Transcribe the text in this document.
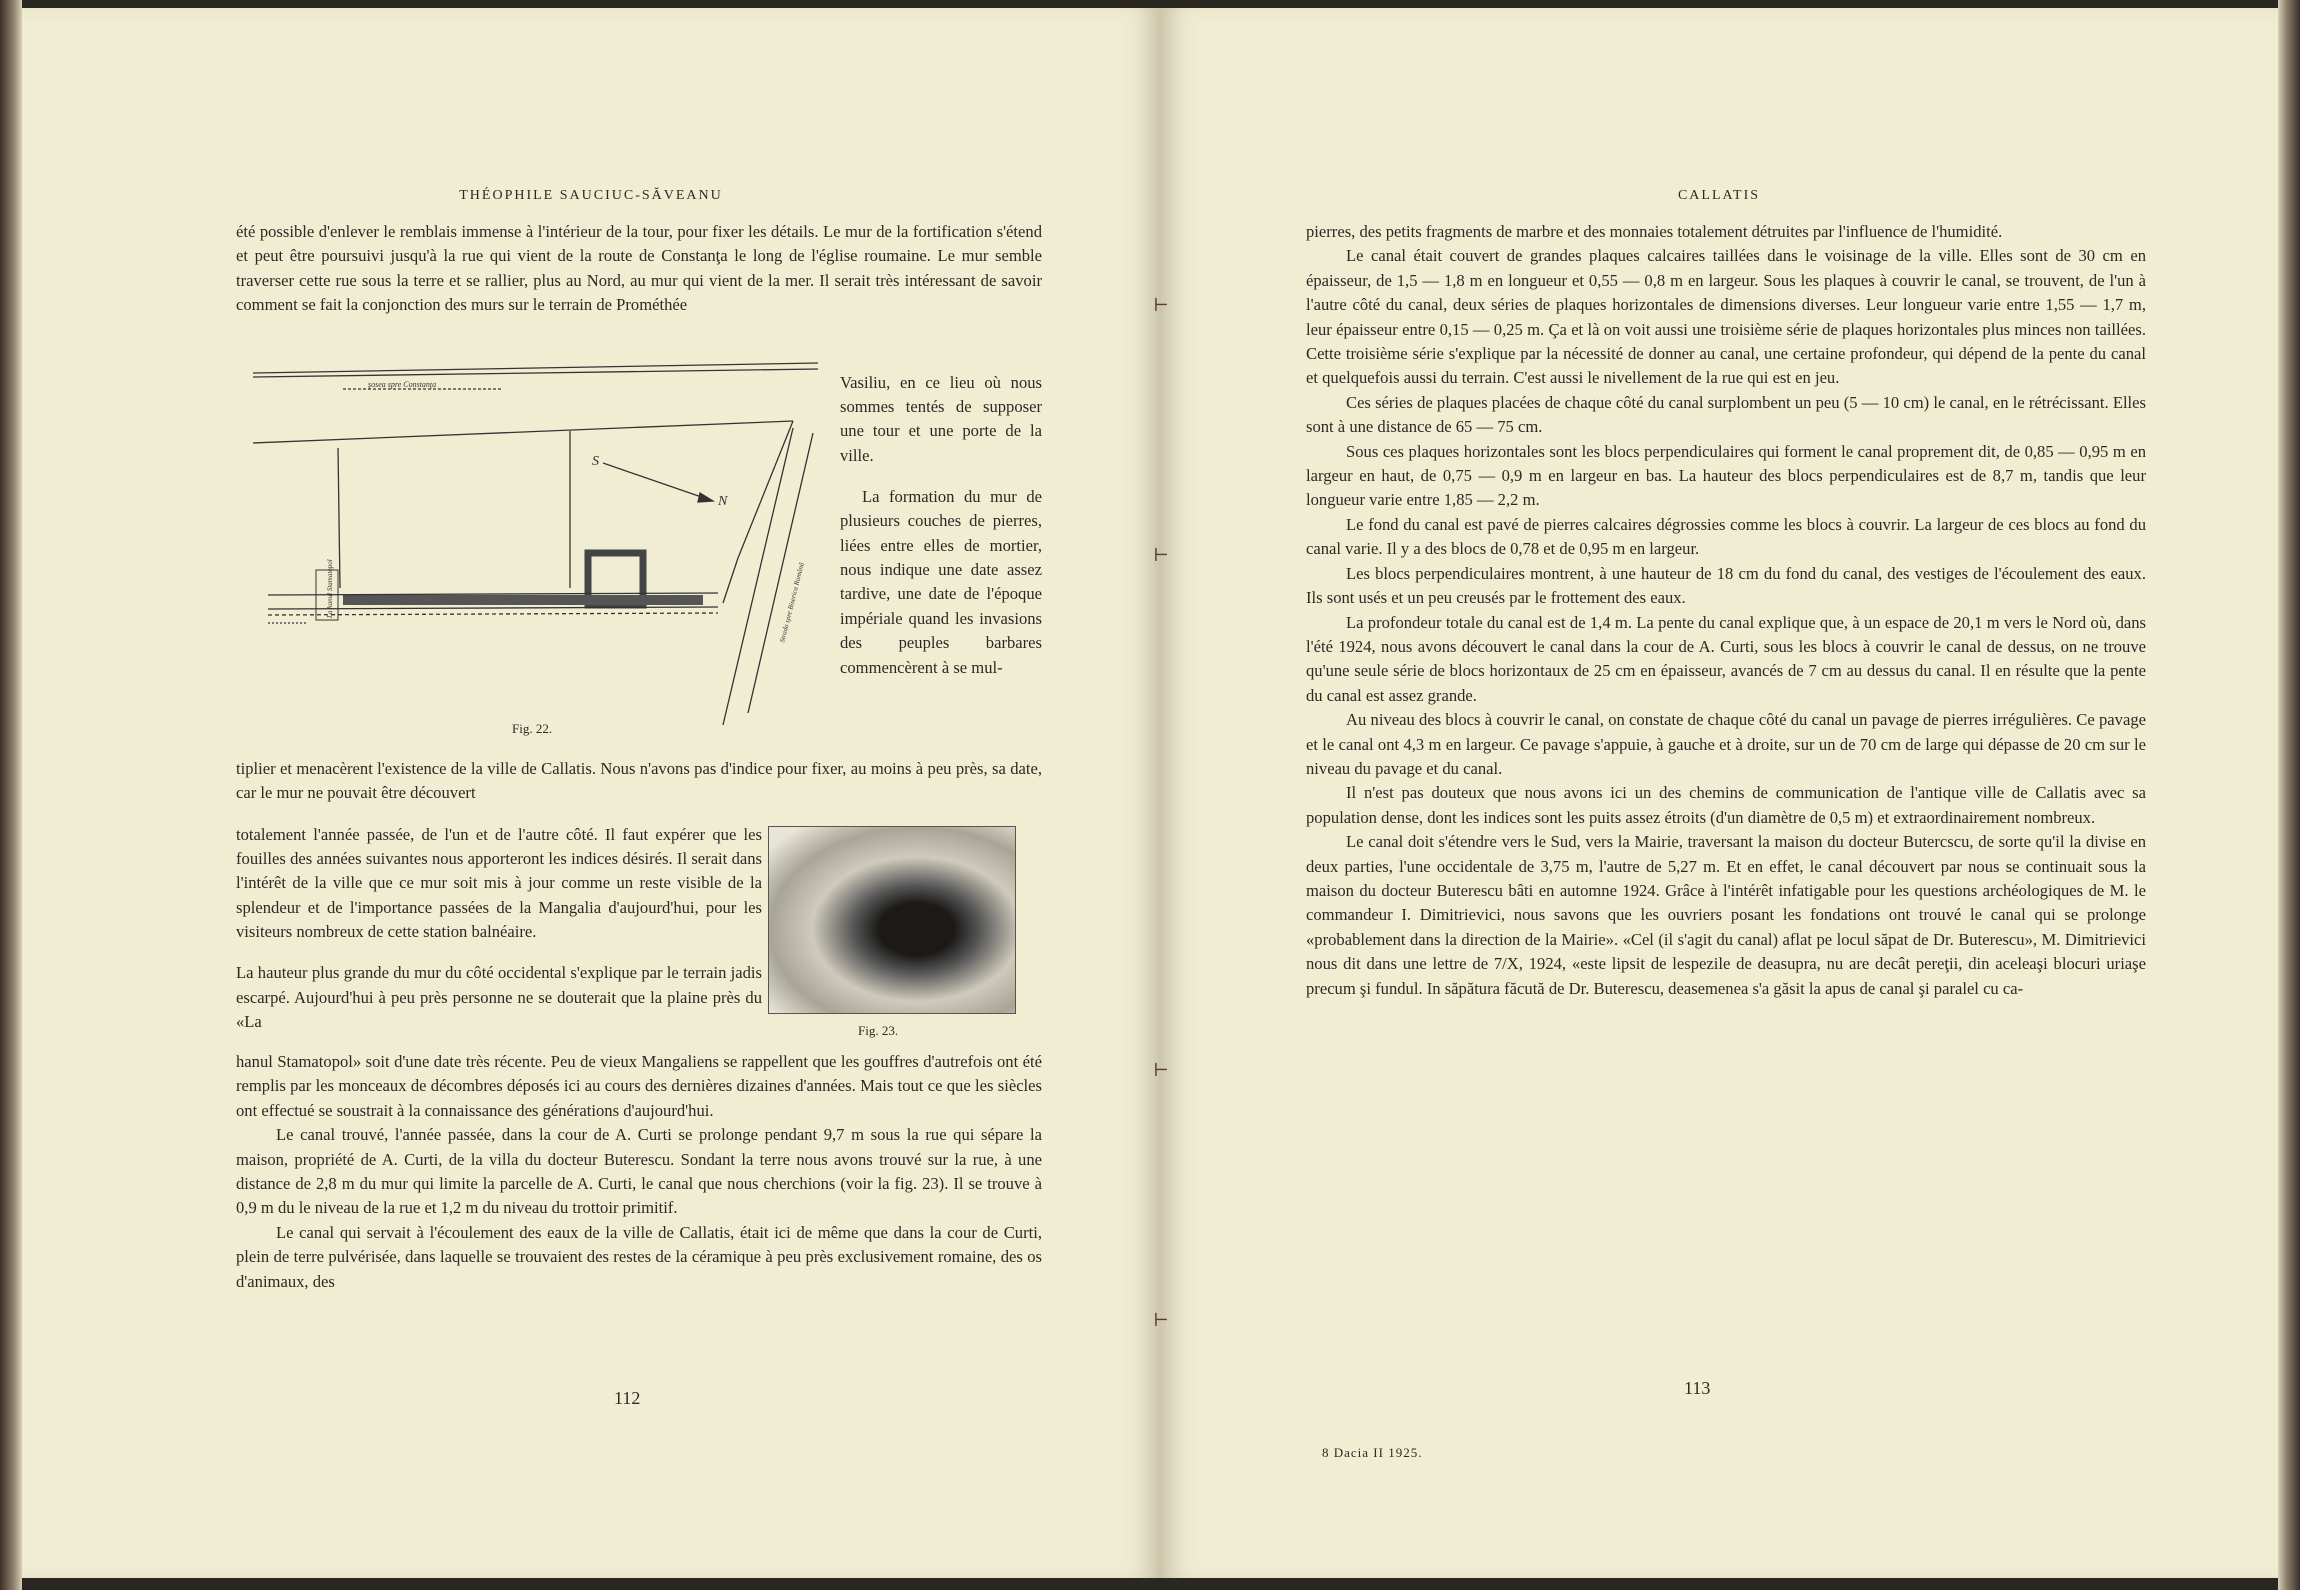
THÉOPHILE SAUCIUC-SĂVEANU

été possible d'enlever le remblais immense à l'intérieur de la tour, pour fixer les détails. Le mur de la fortification s'étend et peut être poursuivi jusqu'à la rue qui vient de la route de Constanţa le long de l'église roumaine. Le mur semble traverser cette rue sous la terre et se rallier, plus au Nord, au mur qui vient de la mer. Il serait très intéressant de savoir comment se fait la conjonction des murs sur le terrain de Prométhée

şosea spre Constanţa
S
N
La hanul Stamatopol	Strada spre Biserica Română
Fig. 22.

Vasiliu, en ce lieu où nous sommes tentés de supposer une tour et une porte de la ville.

La formation du mur de plusieurs couches de pierres, liées entre elles de mortier, nous indique une date assez tardive, une date de l'époque impériale quand les invasions des peuples barbares commencèrent à se mul-

tiplier et menacèrent l'existence de la ville de Callatis. Nous n'avons pas d'indice pour fixer, au moins à peu près, sa date, car le mur ne pouvait être découvert

totalement l'année passée, de l'un et de l'autre côté. Il faut expérer que les fouilles des années suivantes nous apporteront les indices désirés. Il serait dans l'intérêt de la ville que ce mur soit mis à jour comme un reste visible de la splendeur et de l'importance passées de la Mangalia d'aujourd'hui, pour les visiteurs nombreux de cette station balnéaire.

La hauteur plus grande du mur du côté occidental s'explique par le terrain jadis escarpé. Aujourd'hui à peu près personne ne se douterait que la plaine près du «La	Fig. 23.

hanul Stamatopol» soit d'une date très récente. Peu de vieux Mangaliens se rappellent que les gouffres d'autrefois ont été remplis par les monceaux de décombres déposés ici au cours des dernières dizaines d'années. Mais tout ce que les siècles ont effectué se soustrait à la connaissance des générations d'aujourd'hui.

Le canal trouvé, l'année passée, dans la cour de A. Curti se prolonge pendant 9,7 m sous la rue qui sépare la maison, propriété de A. Curti, de la villa du docteur Buterescu. Sondant la terre nous avons trouvé sur la rue, à une distance de 2,8 m du mur qui limite la parcelle de A. Curti, le canal que nous cherchions (voir la fig. 23). Il se trouve à 0,9 m du le niveau de la rue et 1,2 m du niveau du trottoir primitif.

Le canal qui servait à l'écoulement des eaux de la ville de Callatis, était ici de même que dans la cour de Curti, plein de terre pulvérisée, dans laquelle se trouvaient des restes de la céramique à peu près exclusivement romaine, des os d'animaux, des

112
CALLATIS

pierres, des petits fragments de marbre et des monnaies totalement détruites par l'influence de l'humidité.

Le canal était couvert de grandes plaques calcaires taillées dans le voisinage de la ville. Elles sont de 30 cm en épaisseur, de 1,5 — 1,8 m en longueur et 0,55 — 0,8 m en largeur. Sous les plaques à couvrir le canal, se trouvent, de l'un à l'autre côté du canal, deux séries de plaques horizontales de dimensions diverses. Leur longueur varie entre 1,55 — 1,7 m, leur épaisseur entre 0,15 — 0,25 m. Ça et là on voit aussi une troisième série de plaques horizontales plus minces non taillées. Cette troisième série s'explique par la nécessité de donner au canal, une certaine profondeur, qui dépend de la pente du canal et quelquefois aussi du terrain. C'est aussi le nivellement de la rue qui est en jeu.

Ces séries de plaques placées de chaque côté du canal surplombent un peu (5 — 10 cm) le canal, en le rétrécissant. Elles sont à une distance de 65 — 75 cm.

Sous ces plaques horizontales sont les blocs perpendiculaires qui forment le canal proprement dit, de 0,85 — 0,95 m en largeur en haut, de 0,75 — 0,9 m en largeur en bas. La hauteur des blocs perpendiculaires est de 8,7 m, tandis que leur longueur varie entre 1,85 — 2,2 m.

Le fond du canal est pavé de pierres calcaires dégrossies comme les blocs à couvrir. La largeur de ces blocs au fond du canal varie. Il y a des blocs de 0,78 et de 0,95 m en largeur.

Les blocs perpendiculaires montrent, à une hauteur de 18 cm du fond du canal, des vestiges de l'écoulement des eaux. Ils sont usés et un peu creusés par le frottement des eaux.

La profondeur totale du canal est de 1,4 m. La pente du canal explique que, à un espace de 20,1 m vers le Nord où, dans l'été 1924, nous avons découvert le canal dans la cour de A. Curti, sous les blocs à couvrir le canal de dessus, on ne trouve qu'une seule série de blocs horizontaux de 25 cm en épaisseur, avancés de 7 cm au dessus du canal. Il en résulte que la pente du canal est assez grande.

Au niveau des blocs à couvrir le canal, on constate de chaque côté du canal un pavage de pierres irrégulières. Ce pavage et le canal ont 4,3 m en largeur. Ce pavage s'appuie, à gauche et à droite, sur un de 70 cm de large qui dépasse de 20 cm sur le niveau du pavage et du canal.

Il n'est pas douteux que nous avons ici un des chemins de communication de l'antique ville de Callatis avec sa population dense, dont les indices sont les puits assez étroits (d'un diamètre de 0,5 m) et extraordinairement nombreux.

Le canal doit s'étendre vers le Sud, vers la Mairie, traversant la maison du docteur Butercscu, de sorte qu'il la divise en deux parties, l'une occidentale de 3,75 m, l'autre de 5,27 m. Et en effet, le canal découvert par nous se continuait sous la maison du docteur Buterescu bâti en automne 1924. Grâce à l'intérêt infatigable pour les questions archéologiques de M. le commandeur I. Dimitrievici, nous savons que les ouvriers posant les fondations ont trouvé le canal qui se prolonge «probablement dans la direction de la Mairie». «Cel (il s'agit du canal) aflat pe locul săpat de Dr. Buterescu», M. Dimitrievici nous dit dans une lettre de 7/X, 1924, «este lipsit de lespezile de deasupra, nu are decât pereţii, din aceleaşi blocuri uriaşe precum şi fundul. In săpătura făcută de Dr. Buterescu, deasemenea s'a găsit la apus de canal şi paralel cu ca-

113
8 Dacia II 1925.
⊢
⊢
⊢
⊢
